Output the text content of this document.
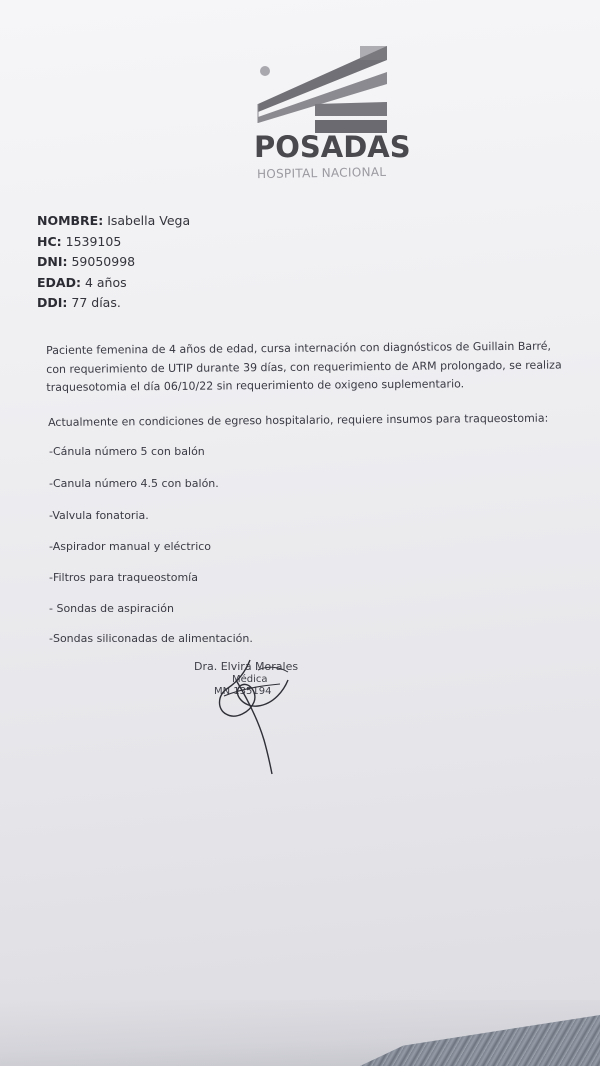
POSADAS
HOSPITAL NACIONAL
NOMBRE: Isabella Vega
HC: 1539105
DNI: 59050998
EDAD: 4 años
DDI: 77 días.

Paciente femenina de 4 años de edad, cursa internación con diagnósticos de Guillain Barré,

con requerimiento de UTIP durante 39 días, con requerimiento de ARM prolongado, se realiza

traquesotomia el día 06/10/22 sin requerimiento de oxigeno suplementario.

Actualmente en condiciones de egreso hospitalario, requiere insumos para traqueostomia:
-Cánula número 5 con balón
-Canula número 4.5 con balón.
-Valvula fonatoria.
-Aspirador manual y eléctrico
-Filtros para traqueostomía
- Sondas de aspiración
-Sondas siliconadas de alimentación.
Dra. Elvira Morales
Médica
MN 135194
